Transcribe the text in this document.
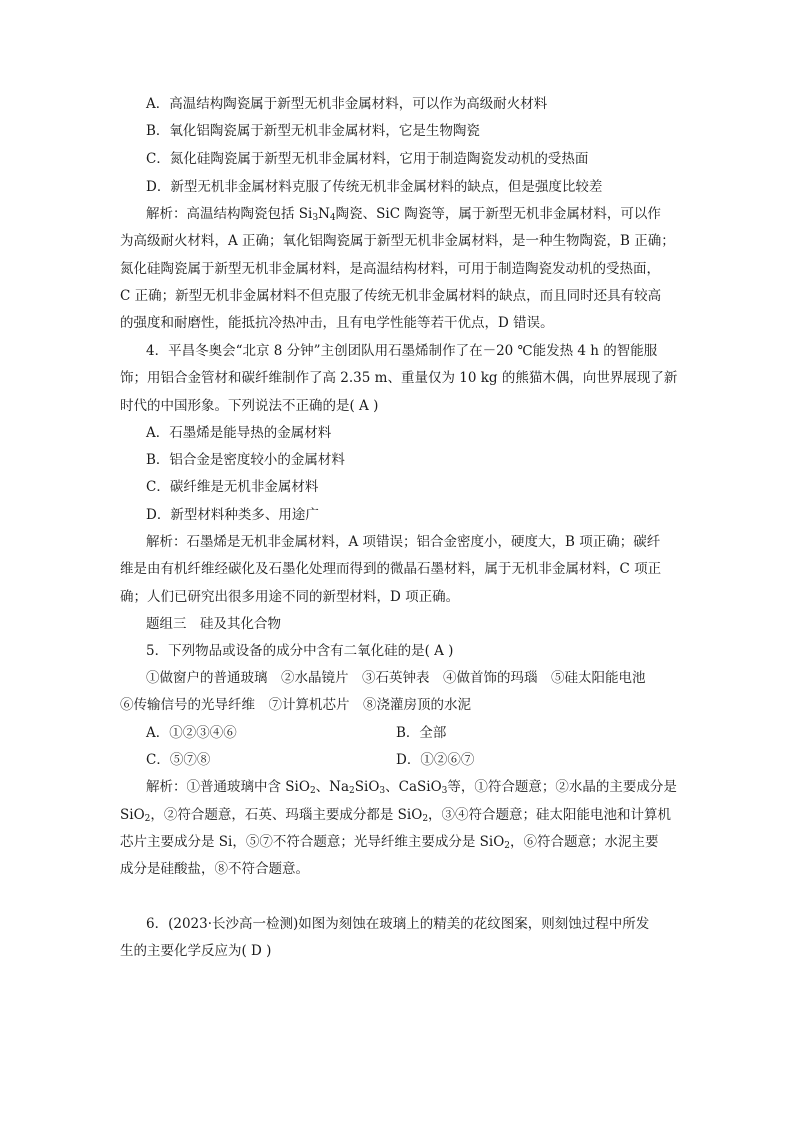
A．高温结构陶瓷属于新型无机非金属材料，可以作为高级耐火材料
B．氧化铝陶瓷属于新型无机非金属材料，它是生物陶瓷
C．氮化硅陶瓷属于新型无机非金属材料，它用于制造陶瓷发动机的受热面
D．新型无机非金属材料克服了传统无机非金属材料的缺点，但是强度比较差
解析：高温结构陶瓷包括 $Si_3N_4$陶瓷、SiC 陶瓷等，属于新型无机非金属材料，可以作
为高级耐火材料，A 正确；氧化铝陶瓷属于新型无机非金属材料，是一种生物陶瓷，B 正确；
氮化硅陶瓷属于新型无机非金属材料，是高温结构材料，可用于制造陶瓷发动机的受热面，
C 正确；新型无机非金属材料不但克服了传统无机非金属材料的缺点，而且同时还具有较高
的强度和耐磨性，能抵抗冷热冲击，且有电学性能等若干优点，D 错误。
4．平昌冬奥会“北京 8 分钟”主创团队用石墨烯制作了在－20 ℃能发热 4 h 的智能服
饰；用铝合金管材和碳纤维制作了高 2.35 m、重量仅为 10 kg 的熊猫木偶，向世界展现了新
时代的中国形象。下列说法不正确的是( A )
A．石墨烯是能导热的金属材料
B．铝合金是密度较小的金属材料
C．碳纤维是无机非金属材料
D．新型材料种类多、用途广
解析：石墨烯是无机非金属材料，A 项错误；铝合金密度小，硬度大，B 项正确；碳纤
维是由有机纤维经碳化及石墨化处理而得到的微晶石墨材料，属于无机非金属材料，C 项正
确；人们已研究出很多用途不同的新型材料，D 项正确。
题组三　硅及其化合物
5．下列物品或设备的成分中含有二氧化硅的是( A )
①做窗户的普通玻璃　②水晶镜片　③石英钟表　④做首饰的玛瑙　⑤硅太阳能电池
⑥传输信号的光导纤维　⑦计算机芯片　⑧浇灌房顶的水泥
A．①②③④⑥	B．全部
C．⑤⑦⑧	D．①②⑥⑦
解析：①普通玻璃中含 SiO$_2$、$Na_2SiO_3$、CaSiO$_3$等，①符合题意；②水晶的主要成分是
SiO$_2$，②符合题意，石英、玛瑙主要成分都是 SiO$_2$，③④符合题意；硅太阳能电池和计算机
芯片主要成分是 Si，⑤⑦不符合题意；光导纤维主要成分是 SiO$_2$，⑥符合题意；水泥主要
成分是硅酸盐，⑧不符合题意。
6．(2023·长沙高一检测)如图为刻蚀在玻璃上的精美的花纹图案，则刻蚀过程中所发
生的主要化学反应为( D )
